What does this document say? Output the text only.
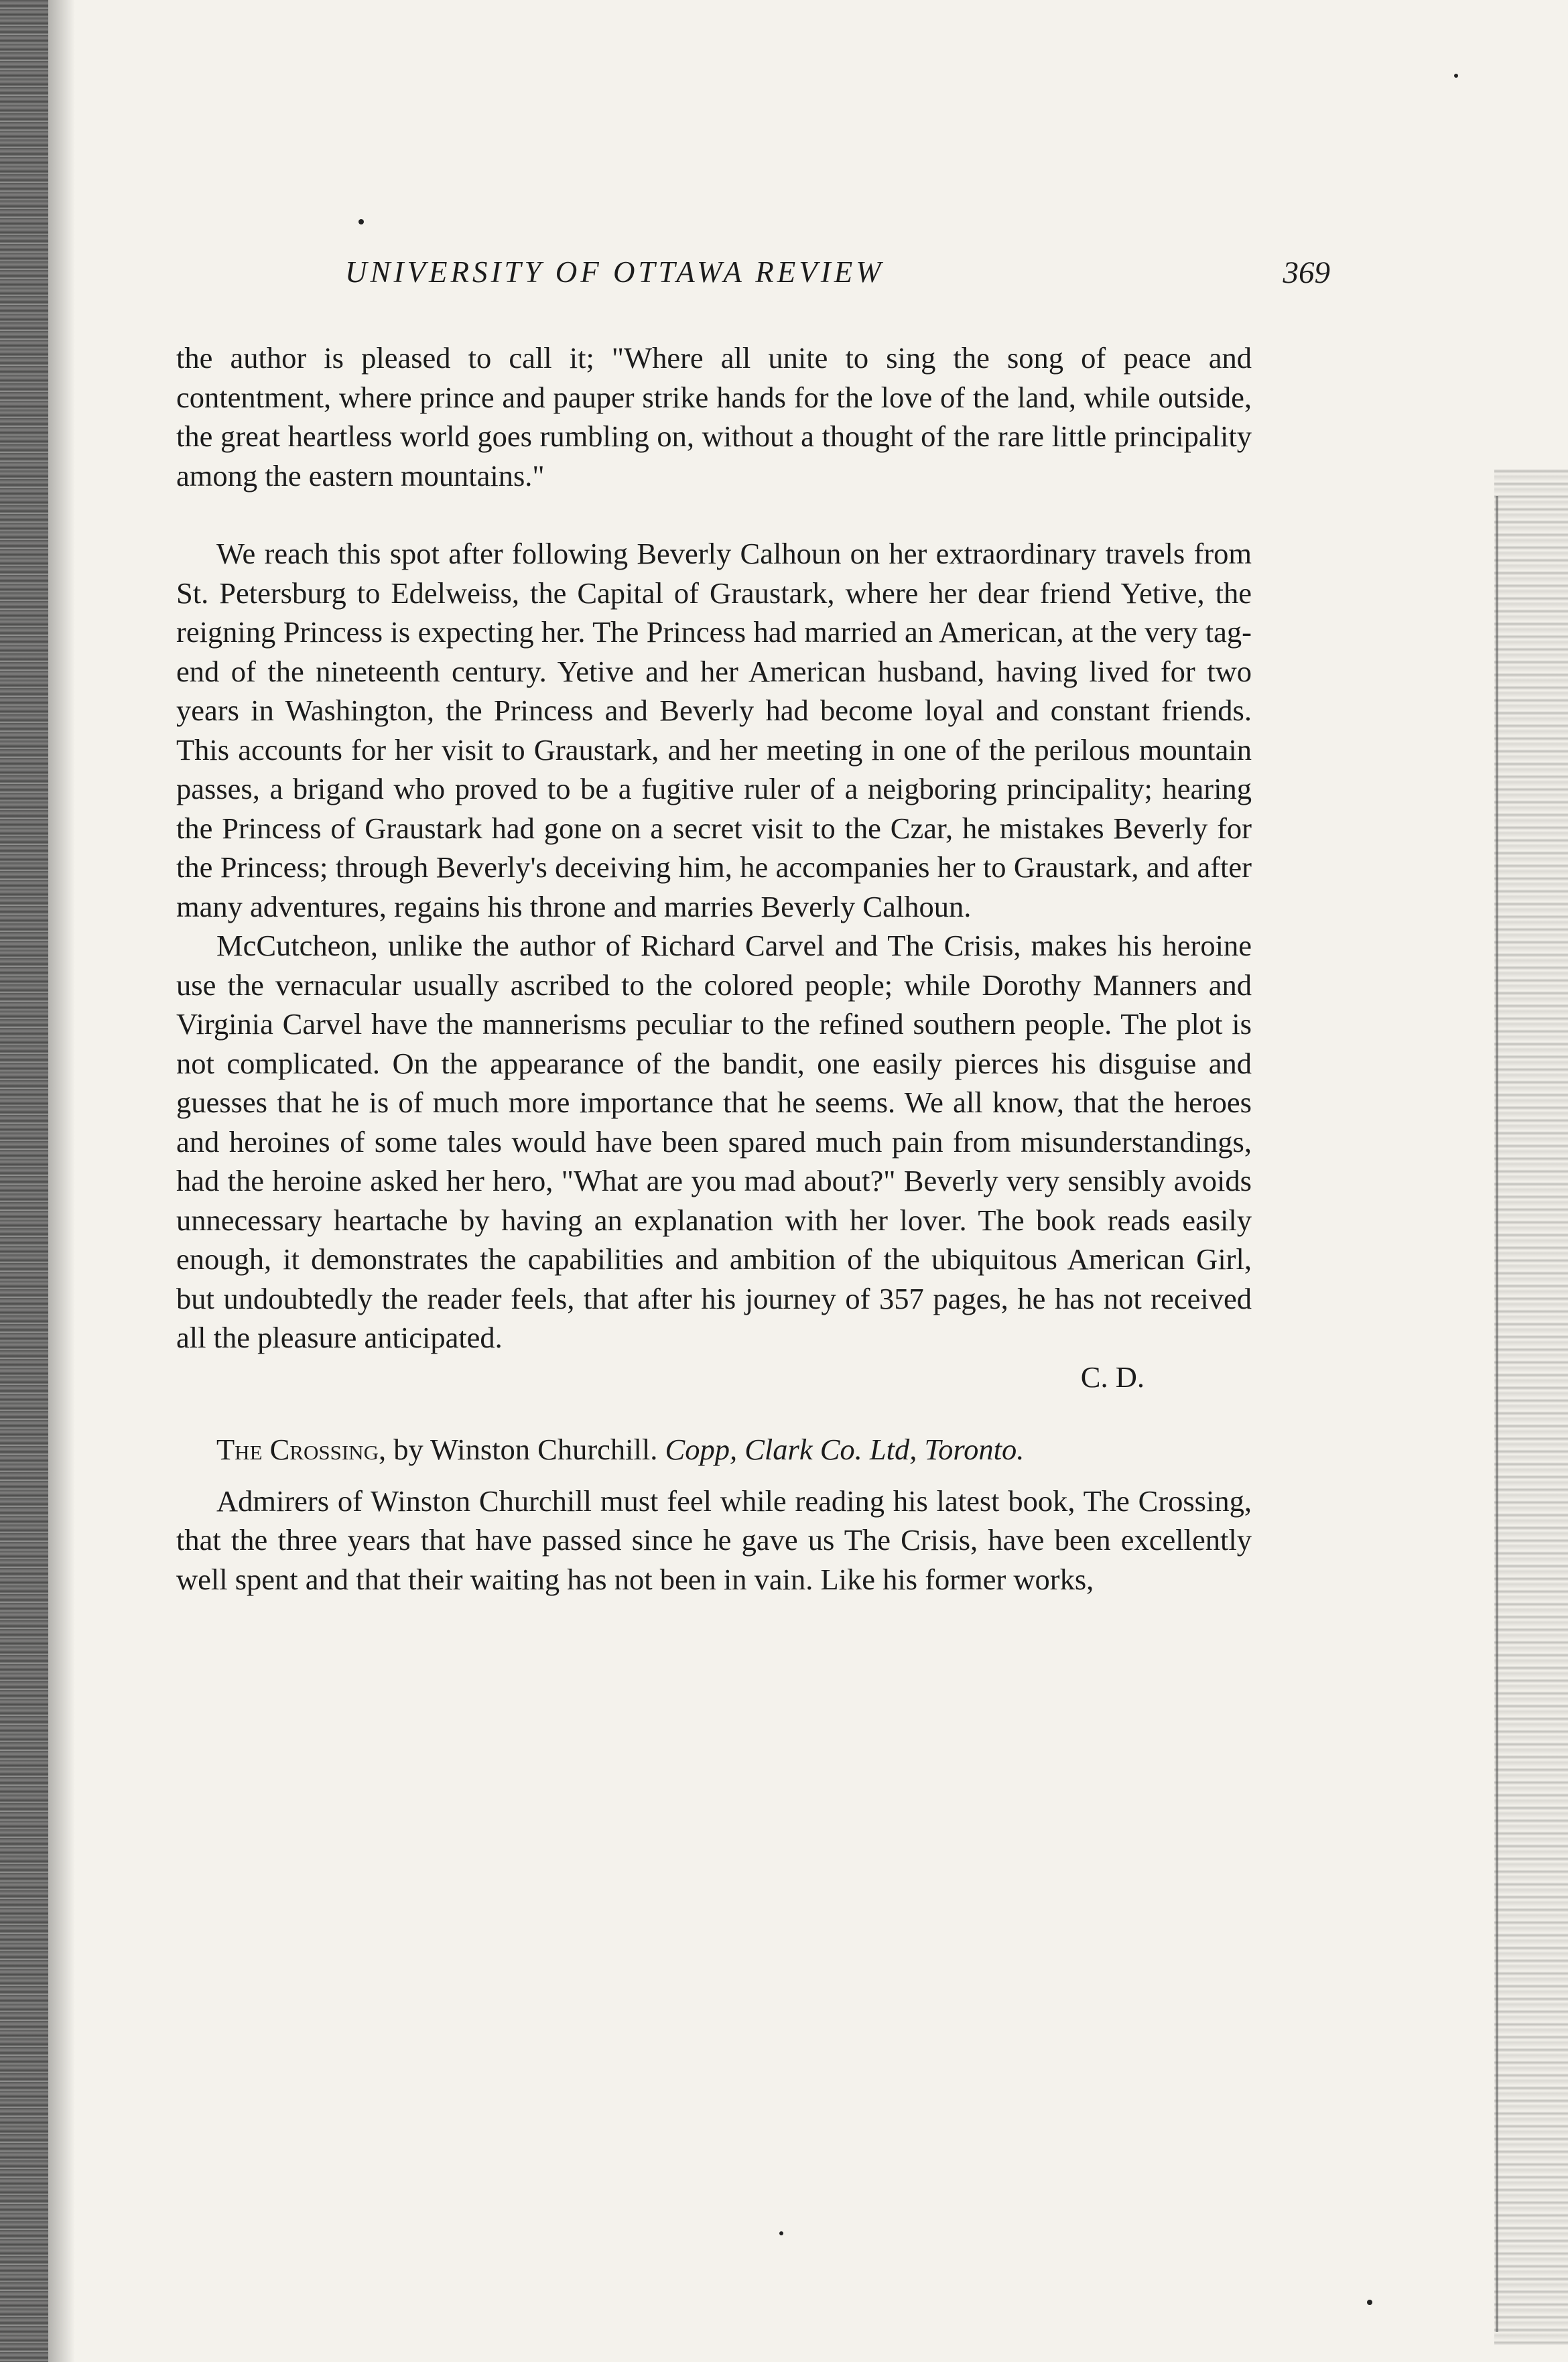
UNIVERSITY OF OTTAWA REVIEW	369

the author is pleased to call it; "Where all unite to sing the song of peace and contentment, where prince and pauper strike hands for the love of the land, while outside, the great heartless world goes rumbling on, without a thought of the rare little principality among the eastern mountains."

We reach this spot after following Beverly Calhoun on her extraordinary travels from St. Petersburg to Edelweiss, the Capital of Graustark, where her dear friend Yetive, the reigning Princess is expecting her. The Princess had married an American, at the very tag-end of the nineteenth century. Yetive and her American husband, having lived for two years in Washington, the Princess and Beverly had become loyal and constant friends. This accounts for her visit to Graustark, and her meeting in one of the perilous mountain passes, a brigand who proved to be a fugitive ruler of a neigboring principality; hearing the Princess of Graustark had gone on a secret visit to the Czar, he mistakes Beverly for the Princess; through Beverly's deceiving him, he accompanies her to Graustark, and after many adventures, regains his throne and marries Beverly Calhoun.

McCutcheon, unlike the author of Richard Carvel and The Crisis, makes his heroine use the vernacular usually ascribed to the colored people; while Dorothy Manners and Virginia Carvel have the mannerisms peculiar to the refined southern people. The plot is not complicated. On the appearance of the bandit, one easily pierces his disguise and guesses that he is of much more importance that he seems. We all know, that the heroes and heroines of some tales would have been spared much pain from misunderstandings, had the heroine asked her hero, "What are you mad about?" Beverly very sensibly avoids unnecessary heartache by having an explanation with her lover. The book reads easily enough, it demonstrates the capabilities and ambition of the ubiquitous American Girl, but undoubtedly the reader feels, that after his journey of 357 pages, he has not received all the pleasure anticipated.

C. D.

The Crossing, by Winston Churchill. Copp, Clark Co. Ltd, Toronto.

Admirers of Winston Churchill must feel while reading his latest book, The Crossing, that the three years that have passed since he gave us The Crisis, have been excellently well spent and that their waiting has not been in vain. Like his former works,
